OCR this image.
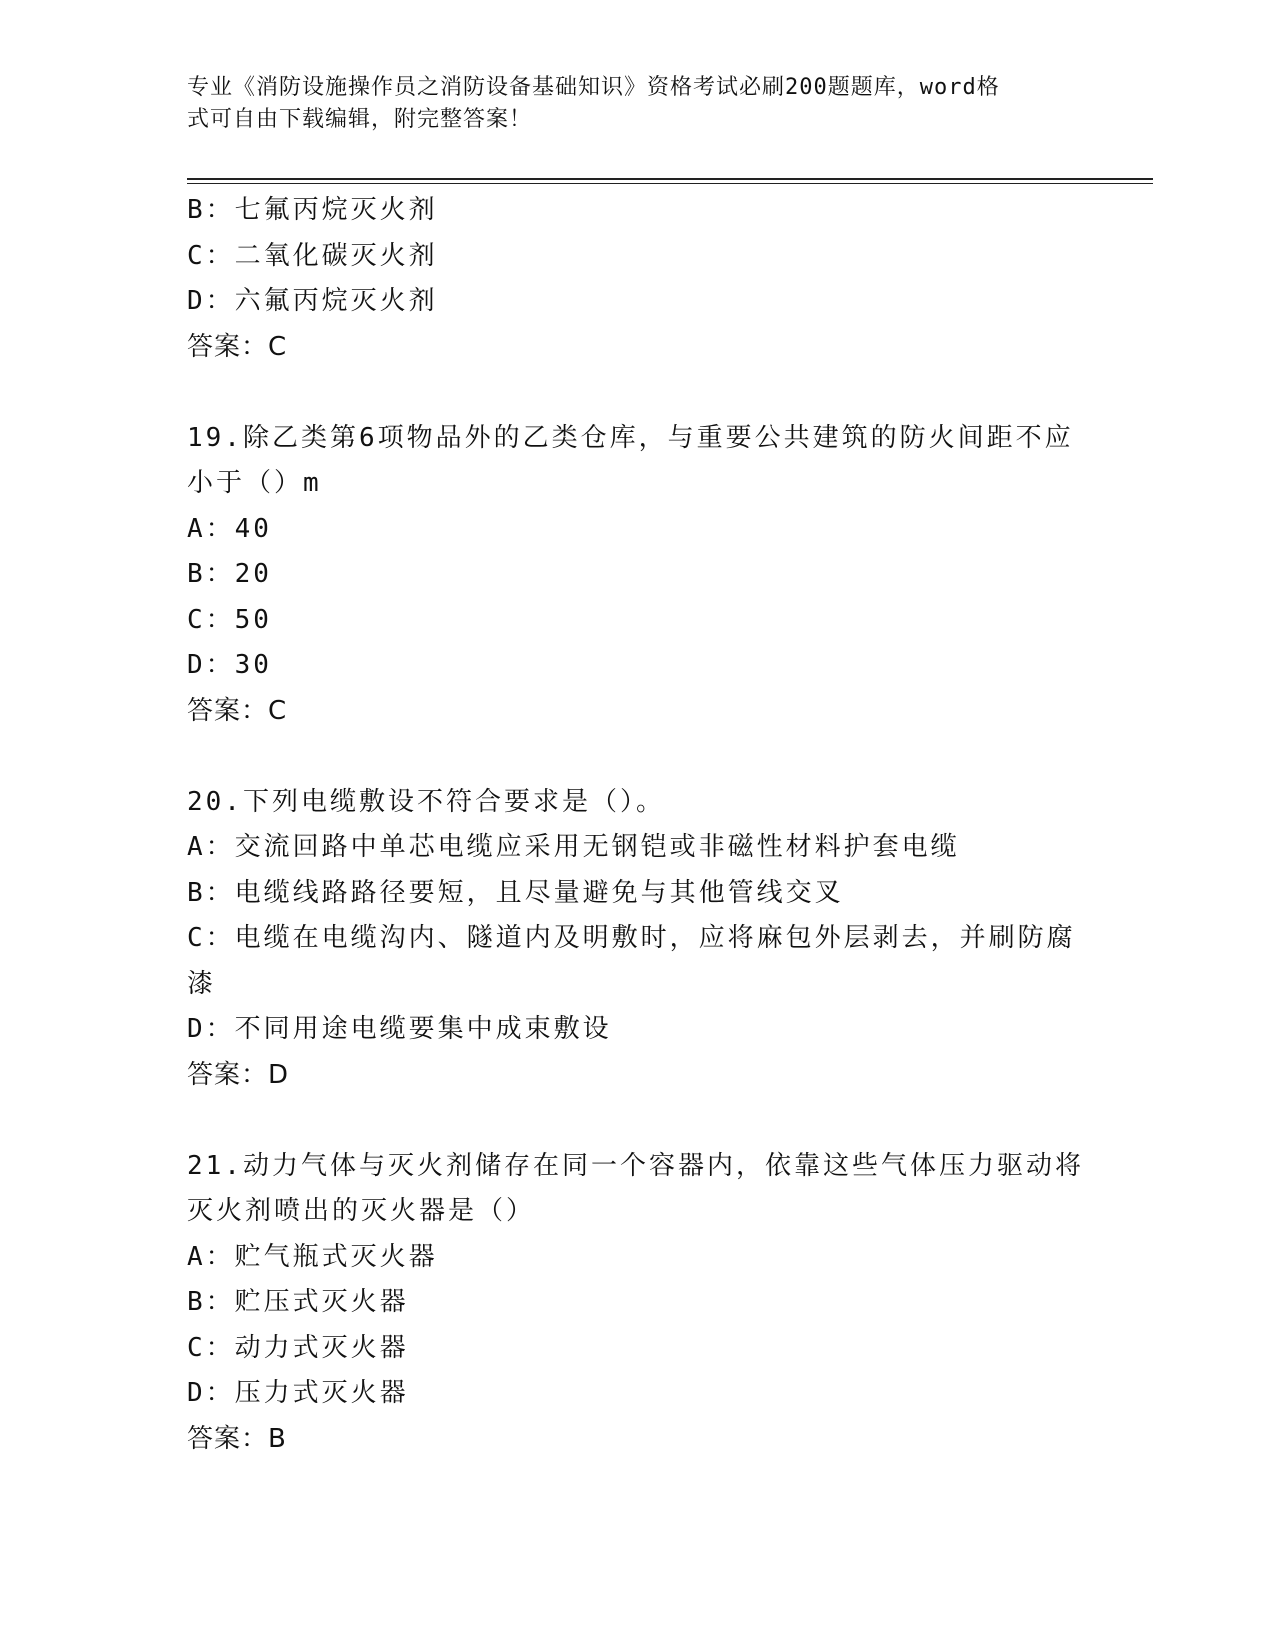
专业《消防设施操作员之消防设备基础知识》资格考试必刷200题题库，word格
式可自由下载编辑，附完整答案！
B：七氟丙烷灭火剂
C：二氧化碳灭火剂
D：六氟丙烷灭火剂
答案：C
19.除乙类第6项物品外的乙类仓库，与重要公共建筑的防火间距不应
小于（）m
A：40
B：20
C：50
D：30
答案：C
20.下列电缆敷设不符合要求是（）。
A：交流回路中单芯电缆应采用无钢铠或非磁性材料护套电缆
B：电缆线路路径要短，且尽量避免与其他管线交叉
C：电缆在电缆沟内、隧道内及明敷时，应将麻包外层剥去，并刷防腐
漆
D：不同用途电缆要集中成束敷设
答案：D
21.动力气体与灭火剂储存在同一个容器内，依靠这些气体压力驱动将
灭火剂喷出的灭火器是（）
A：贮气瓶式灭火器
B：贮压式灭火器
C：动力式灭火器
D：压力式灭火器
答案：B
